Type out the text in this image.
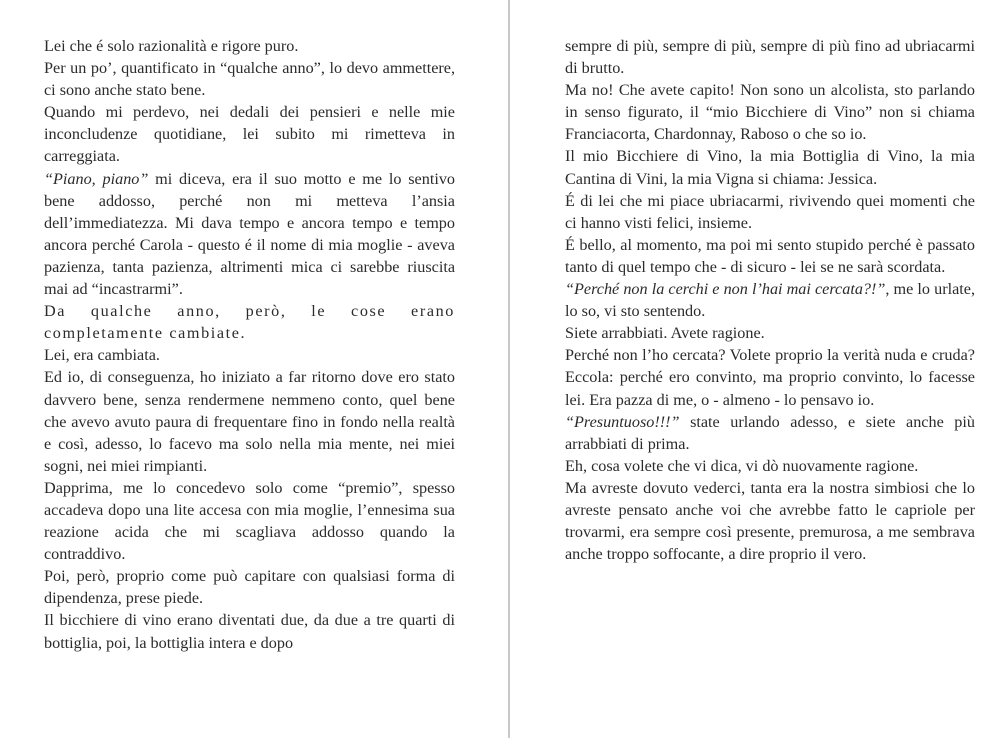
Lei che é solo razionalità e rigore puro.

Per un po’, quantificato in “qualche anno”, lo devo ammettere, ci sono anche stato bene.

Quando mi perdevo, nei dedali dei pensieri e nelle mie inconcludenze quotidiane, lei subito mi rimetteva in carreggiata.

“Piano, piano” mi diceva, era il suo motto e me lo sentivo bene addosso, perché non mi metteva l’ansia dell’immediatezza. Mi dava tempo e ancora tempo e tempo ancora perché Carola - questo é il nome di mia moglie - aveva pazienza, tanta pazienza, altrimenti mica ci sarebbe riuscita mai ad “incastrarmi”.

Da qualche anno, però, le cose erano completamente cambiate.

Lei, era cambiata.

Ed io, di conseguenza, ho iniziato a far ritorno dove ero stato davvero bene, senza rendermene nemmeno conto, quel bene che avevo avuto paura di frequentare fino in fondo nella realtà e così, adesso, lo facevo ma solo nella mia mente, nei miei sogni, nei miei rimpianti.

Dapprima, me lo concedevo solo come “premio”, spesso accadeva dopo una lite accesa con mia moglie, l’ennesima sua reazione acida che mi scagliava addosso quando la contraddivo.

Poi, però, proprio come può capitare con qualsiasi forma di dipendenza, prese piede.

Il bicchiere di vino erano diventati due, da due a tre quarti di bottiglia, poi, la bottiglia intera e dopo

sempre di più, sempre di più, sempre di più fino ad ubriacarmi di brutto.

Ma no! Che avete capito! Non sono un alcolista, sto parlando in senso figurato, il “mio Bicchiere di Vino” non si chiama Franciacorta, Chardonnay, Raboso o che so io.

Il mio Bicchiere di Vino, la mia Bottiglia di Vino, la mia Cantina di Vini, la mia Vigna si chiama: Jessica.

É di lei che mi piace ubriacarmi, rivivendo quei momenti che ci hanno visti felici, insieme.

É bello, al momento, ma poi mi sento stupido perché è passato tanto di quel tempo che - di sicuro - lei se ne sarà scordata.

“Perché non la cerchi e non l’hai mai cercata?!”, me lo urlate, lo so, vi sto sentendo.

Siete arrabbiati. Avete ragione.

Perché non l’ho cercata? Volete proprio la verità nuda e cruda? Eccola: perché ero convinto, ma proprio convinto, lo facesse lei. Era pazza di me, o - almeno - lo pensavo io.

“Presuntuoso!!!” state urlando adesso, e siete anche più arrabbiati di prima.

Eh, cosa volete che vi dica, vi dò nuovamente ragione.

Ma avreste dovuto vederci, tanta era la nostra simbiosi che lo avreste pensato anche voi che avrebbe fatto le capriole per trovarmi, era sempre così presente, premurosa, a me sembrava anche troppo soffocante, a dire proprio il vero.
